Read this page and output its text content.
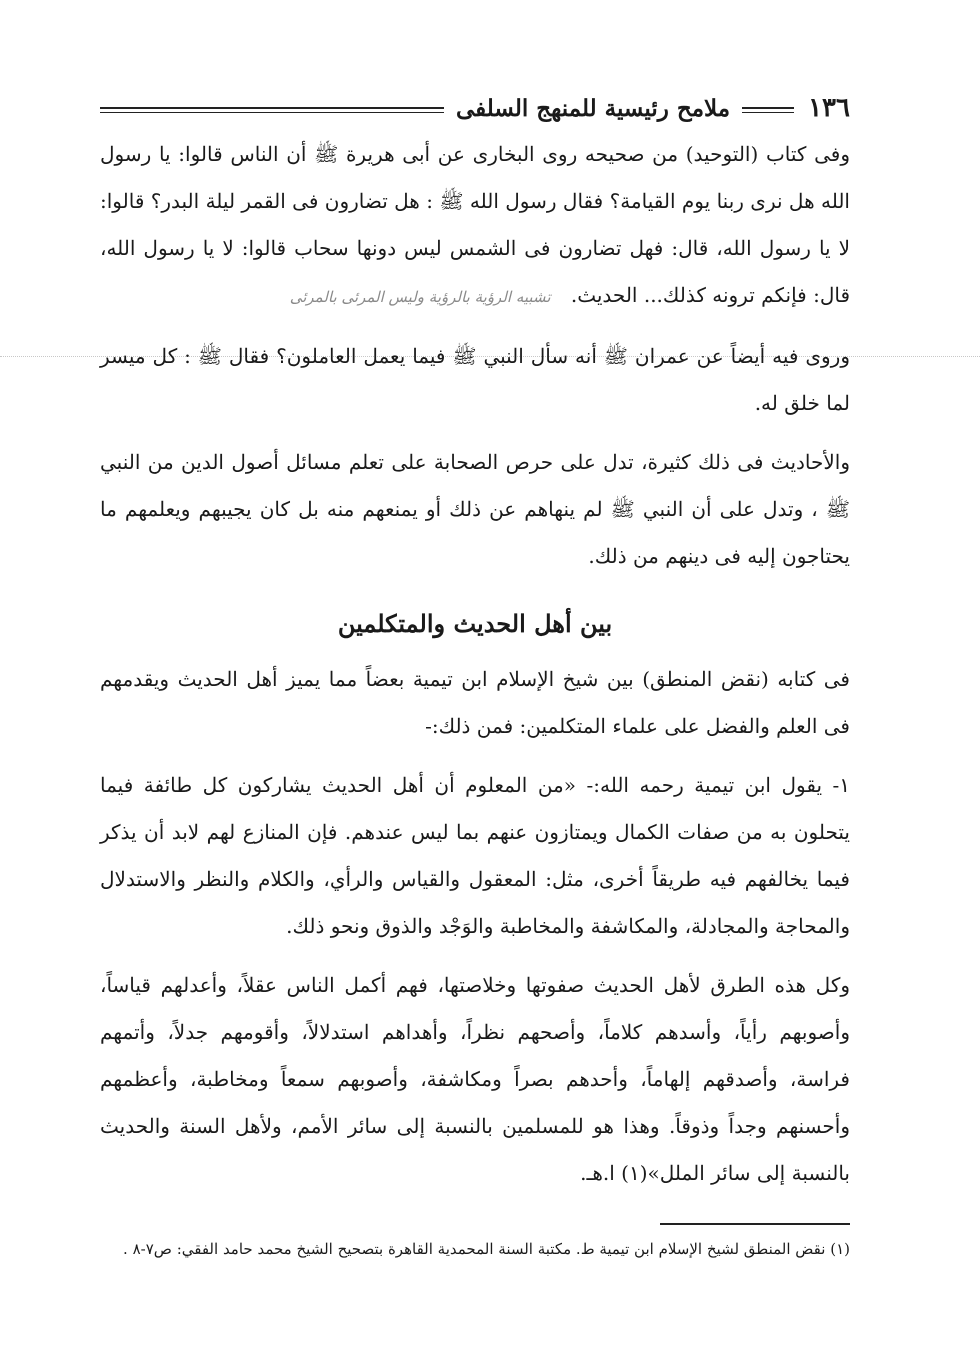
١٣٦
ملامح رئيسية للمنهج السلفى

وفى كتاب (التوحيد) من صحيحه روى البخارى عن أبى هريرة ﷺ أن الناس قالوا: يا رسول الله هل نرى ربنا يوم القيامة؟ فقال رسول الله ﷺ : هل تضارون فى القمر ليلة البدر؟ قالوا: لا يا رسول الله، قال: فهل تضارون فى الشمس ليس دونها سحاب قالوا: لا يا رسول الله، قال: فإنكم ترونه كذلك... الحديث. تشبيه الرؤية بالرؤية وليس المرئى بالمرئى

وروى فيه أيضاً عن عمران ﷺ أنه سأل النبي ﷺ فيما يعمل العاملون؟ فقال ﷺ : كل ميسر لما خلق له.

والأحاديث فى ذلك كثيرة، تدل على حرص الصحابة على تعلم مسائل أصول الدين من النبي ﷺ ، وتدل على أن النبي ﷺ لم ينهاهم عن ذلك أو يمنعهم منه بل كان يجيبهم ويعلمهم ما يحتاجون إليه فى دينهم من ذلك.

بين أهل الحديث والمتكلمين

فى كتابه (نقض المنطق) بين شيخ الإسلام ابن تيمية بعضاً مما يميز أهل الحديث ويقدمهم فى العلم والفضل على علماء المتكلمين: فمن ذلك:-

١- يقول ابن تيمية رحمه الله:- «من المعلوم أن أهل الحديث يشاركون كل طائفة فيما يتحلون به من صفات الكمال ويمتازون عنهم بما ليس عندهم. فإن المنازع لهم لابد أن يذكر فيما يخالفهم فيه طريقاً أخرى، مثل: المعقول والقياس والرأي، والكلام والنظر والاستدلال والمحاجة والمجادلة، والمكاشفة والمخاطبة والوَجْد والذوق ونحو ذلك.

وكل هذه الطرق لأهل الحديث صفوتها وخلاصتها، فهم أكمل الناس عقلاً، وأعدلهم قياساً، وأصوبهم رأياً، وأسدهم كلاماً، وأصحهم نظراً، وأهداهم استدلالاً، وأقومهم جدلاً، وأتمهم فراسة، وأصدقهم إلهاماً، وأحدهم بصراً ومكاشفة، وأصوبهم سمعاً ومخاطبة، وأعظمهم وأحسنهم وجداً وذوقاً. وهذا هو للمسلمين بالنسبة إلى سائر الأمم، ولأهل السنة والحديث بالنسبة إلى سائر الملل»(١) ا.هـ.

(١) نقض المنطق لشيخ الإسلام ابن تيمية ط. مكتبة السنة المحمدية القاهرة بتصحيح الشيخ محمد حامد الفقي: ص٧-٨ .
